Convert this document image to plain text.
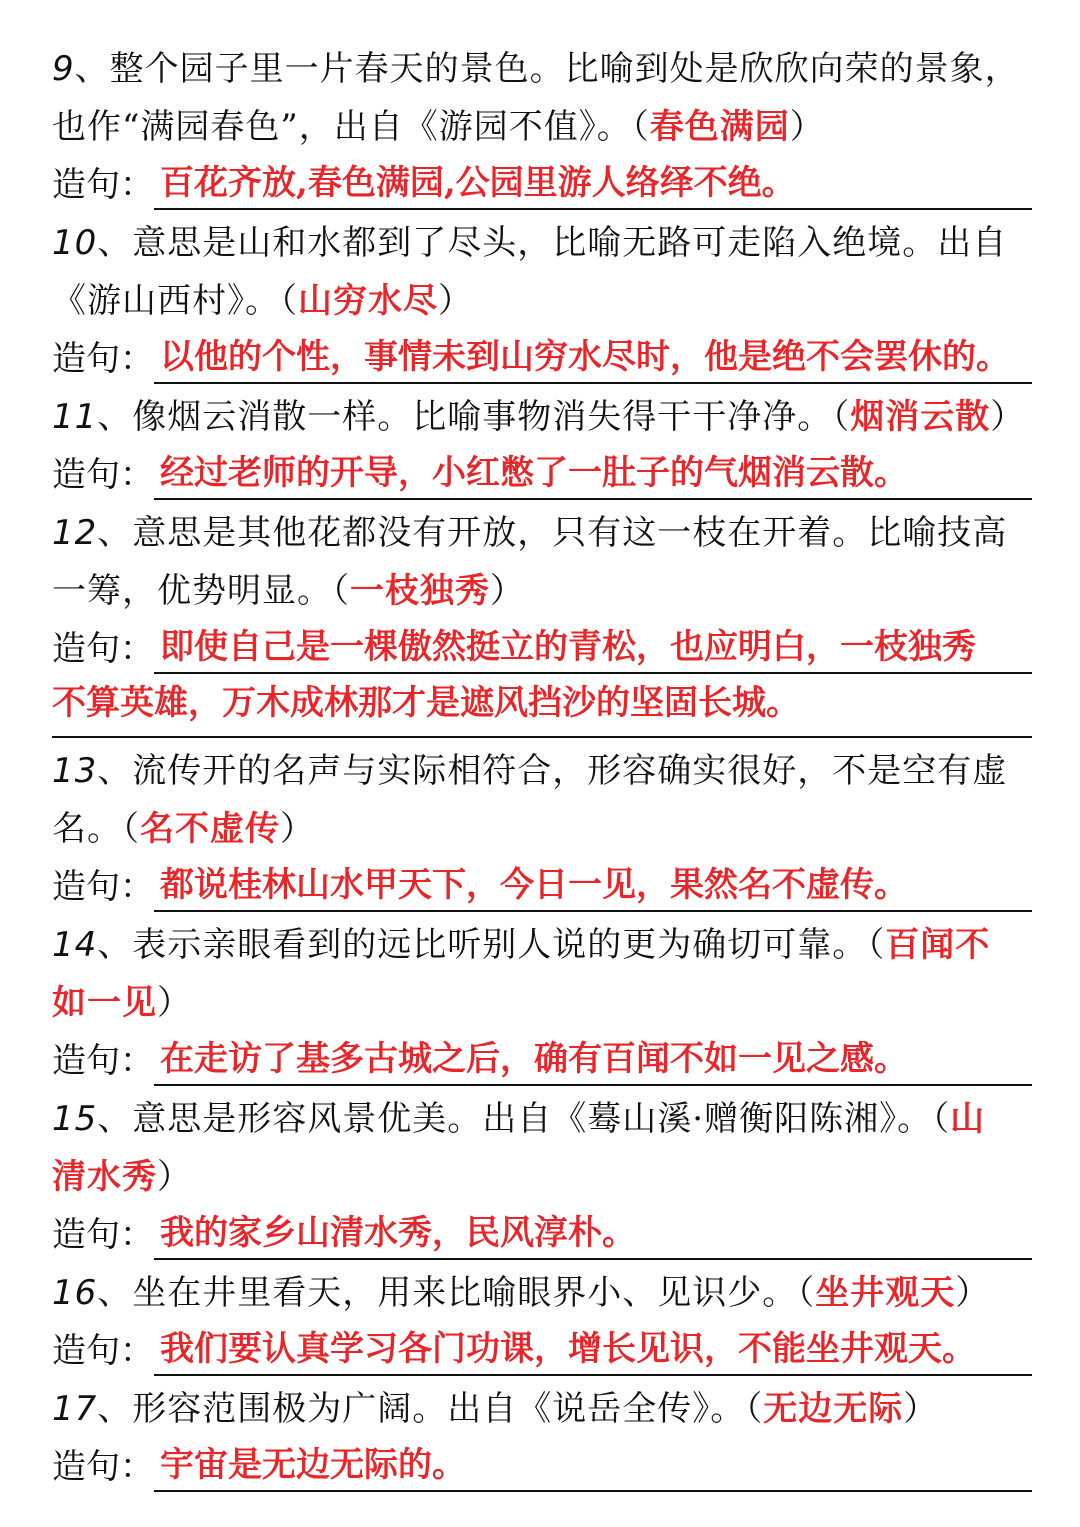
9、整个园子里一片春天的景色。比喻到处是欣欣向荣的景象，
也作“满园春色”，出自《游园不值》。（春色满园）
造句： 百花齐放,春色满园,公园里游人络绎不绝。
10、意思是山和水都到了尽头，比喻无路可走陷入绝境。出自
《游山西村》。（山穷水尽）
造句： 以他的个性，事情未到山穷水尽时，他是绝不会罢休的。
11、像烟云消散一样。比喻事物消失得干干净净。（烟消云散）
造句： 经过老师的开导，小红憋了一肚子的气烟消云散。
12、意思是其他花都没有开放，只有这一枝在开着。比喻技高
一筹，优势明显。（一枝独秀）
造句： 即使自己是一棵傲然挺立的青松，也应明白，一枝独秀
不算英雄，万木成林那才是遮风挡沙的坚固长城。
13、流传开的名声与实际相符合，形容确实很好，不是空有虚
名。（名不虚传）
造句： 都说桂林山水甲天下，今日一见，果然名不虚传。
14、表示亲眼看到的远比听别人说的更为确切可靠。（百闻不
如一见）
造句： 在走访了基多古城之后，确有百闻不如一见之感。
15、意思是形容风景优美。出自《蓦山溪·赠衡阳陈湘》。（山
清水秀）
造句： 我的家乡山清水秀，民风淳朴。
16、坐在井里看天，用来比喻眼界小、见识少。（坐井观天）
造句： 我们要认真学习各门功课，增长见识，不能坐井观天。
17、形容范围极为广阔。出自《说岳全传》。（无边无际）
造句： 宇宙是无边无际的。
